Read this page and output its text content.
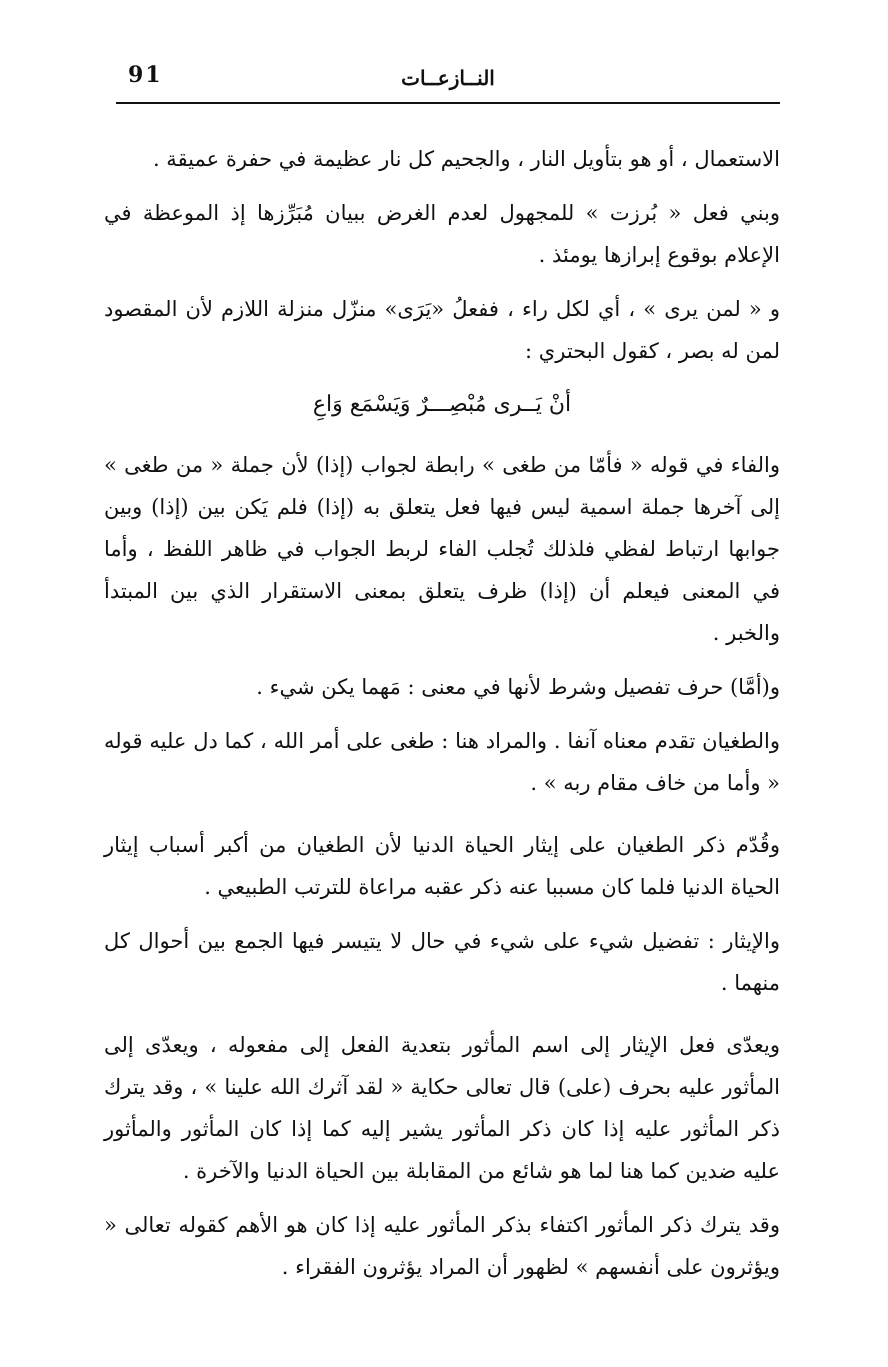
91	النــازعــات

الاستعمال ، أو هو بتأويل النار ، والجحيم كل نار عظيمة في حفرة عميقة .

وبني فعل « بُرزت » للمجهول لعدم الغرض ببيان مُبَرِّزها إذ الموعظة في الإعلام بوقوع إبرازها يومئذ .

و « لمن يرى » ، أي لكل راء ، ففعلُ «يَرَى» منزّل منزلة اللازم لأن المقصود لمن له بصر ، كقول البحتري :

أنْ يَــرى مُبْصِـــرٌ وَيَسْمَع وَاعِ

والفاء في قوله « فأمّا من طغى » رابطة لجواب (إذا) لأن جملة « من طغى » إلى آخرها جملة اسمية ليس فيها فعل يتعلق به (إذا) فلم يَكن بين (إذا) وبين جوابها ارتباط لفظي فلذلك تُجلب الفاء لربط الجواب في ظاهر اللفظ ، وأما في المعنى فيعلم أن (إذا) ظرف يتعلق بمعنى الاستقرار الذي بين المبتدأ والخبر .

و(أمَّا) حرف تفصيل وشرط لأنها في معنى : مَهما يكن شيء .

والطغيان تقدم معناه آنفا . والمراد هنا : طغى على أمر الله ، كما دل عليه قوله « وأما من خاف مقام ربه » .

وقُدّم ذكر الطغيان على إيثار الحياة الدنيا لأن الطغيان من أكبر أسباب إيثار الحياة الدنيا فلما كان مسببا عنه ذكر عقبه مراعاة للترتب الطبيعي .

والإيثار : تفضيل شيء على شيء في حال لا يتيسر فيها الجمع بين أحوال كل منهما .

ويعدّى فعل الإيثار إلى اسم المأثور بتعدية الفعل إلى مفعوله ، ويعدّى إلى المأثور عليه بحرف (على) قال تعالى حكاية « لقد آثرك الله علينا » ، وقد يترك ذكر المأثور عليه إذا كان ذكر المأثور يشير إليه كما إذا كان المأثور والمأثور عليه ضدين كما هنا لما هو شائع من المقابلة بين الحياة الدنيا والآخرة .

وقد يترك ذكر المأثور اكتفاء بذكر المأثور عليه إذا كان هو الأهم كقوله تعالى « ويؤثرون على أنفسهم » لظهور أن المراد يؤثرون الفقراء .
